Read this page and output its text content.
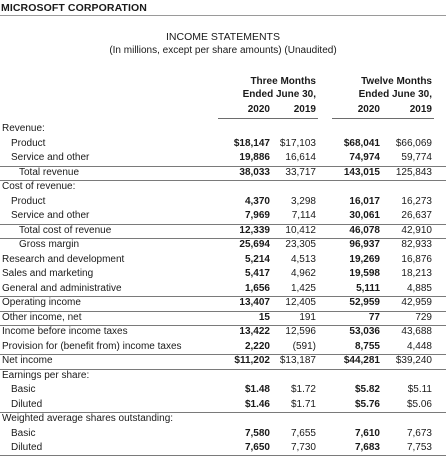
MICROSOFT CORPORATION
INCOME STATEMENTS
(In millions, except per share amounts) (Unaudited)
Three Months
Ended June 30,
Twelve Months
Ended June 30,
2020	2019	2020	2019
Revenue:
Product	$18,147 $17,103	$68,041	$66,069
Service and other	19,886	16,614	74,974	59,774
Total revenue	38,033	33,717	143,015	125,843
Cost of revenue:
Product	4,370	3,298	16,017	16,273
Service and other	7,969	7,114	30,061	26,637
Total cost of revenue	12,339	10,412	46,078	42,910
Gross margin	25,694	23,305	96,937	82,933
Research and development	5,214	4,513	19,269	16,876
Sales and marketing	5,417	4,962	19,598	18,213
General and administrative	1,656	1,425	5,111	4,885
Operating income	13,407	12,405	52,959	42,959
Other income, net	15	191	77	729
Income before income taxes	13,422	12,596	53,036	43,688
Provision for (benefit from) income taxes	2,220	(591)	8,755	4,448
Net income	$11,202 $13,187	$44,281	$39,240
Earnings per share:
Basic	$1.48	$1.72	$5.82	$5.11
Diluted	$1.46	$1.71	$5.76	$5.06
Weighted average shares outstanding:
Basic	7,580	7,655	7,610	7,673
Diluted	7,650	7,730	7,683	7,753
